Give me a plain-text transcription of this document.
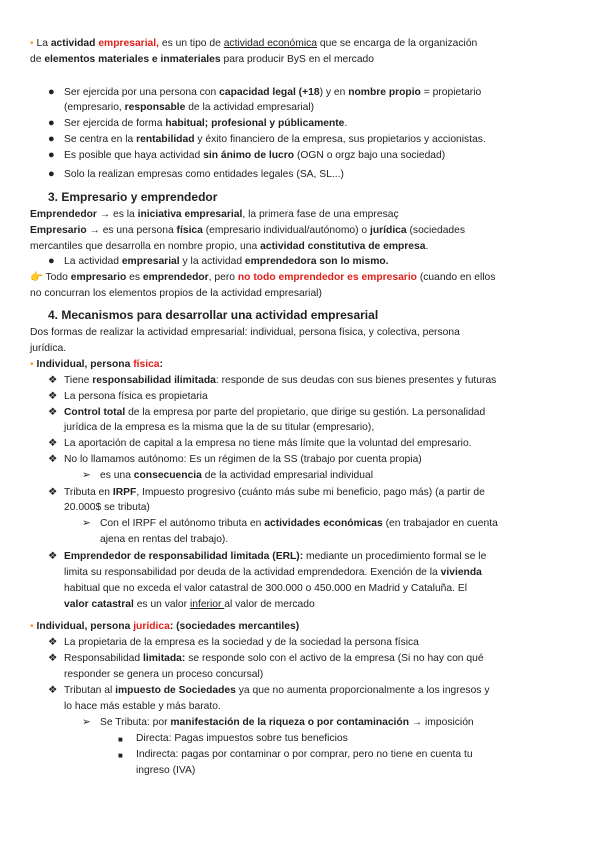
• La actividad empresarial, es un tipo de actividad económica que se encarga de la organización
de elementos materiales e inmateriales para producir ByS en el mercado
● Ser ejercida por una persona con capacidad legal (+18) y en nombre propio = propietario
(empresario, responsable de la actividad empresarial)
● Ser ejercida de forma habitual; profesional y públicamente.
● Se centra en la rentabilidad y éxito financiero de la empresa, sus propietarios y accionistas.
● Es posible que haya actividad sin ánimo de lucro (OGN o orgz bajo una sociedad)
● Solo la realizan empresas como entidades legales (SA, SL...)
3. Empresario y emprendedor
Emprendedor → es la iniciativa empresarial, la primera fase de una empresaç
Empresario → es una persona física (empresario individual/autónomo) o jurídica (sociedades
mercantiles que desarrolla en nombre propio, una actividad constitutiva de empresa.
● La actividad empresarial y la actividad emprendedora son lo mismo.
👉 Todo empresario es emprendedor, pero no todo emprendedor es empresario (cuando en ellos
no concurran los elementos propios de la actividad empresarial)
4. Mecanismos para desarrollar una actividad empresarial
Dos formas de realizar la actividad empresarial: individual, persona física, y colectiva, persona
jurídica.
• Individual, persona física:
❖ Tiene responsabilidad ilimitada: responde de sus deudas con sus bienes presentes y futuras
❖ La persona física es propietaria
❖ Control total de la empresa por parte del propietario, que dirige su gestión. La personalidad
jurídica de la empresa es la misma que la de su titular (empresario),
❖ La aportación de capital a la empresa no tiene más límite que la voluntad del empresario.
❖ No lo llamamos autónomo: Es un régimen de la SS (trabajo por cuenta propia)
➢ es una consecuencia de la actividad empresarial individual
❖ Tributa en IRPF, Impuesto progresivo (cuánto más sube mi beneficio, pago más) (a partir de
20.000$ se tributa)
➢ Con el IRPF el autónomo tributa en actividades económicas (en trabajador en cuenta
ajena en rentas del trabajo).
❖ Emprendedor de responsabilidad limitada (ERL): mediante un procedimiento formal se le
limita su responsabilidad por deuda de la actividad emprendedora. Exención de la vivienda
habitual que no exceda el valor catastral de 300.000 o 450.000 en Madrid y Cataluña. El
valor catastral es un valor inferior al valor de mercado
• Individual, persona jurídica: (sociedades mercantiles)
❖ La propietaria de la empresa es la sociedad y de la sociedad la persona física
❖ Responsabilidad limitada: se responde solo con el activo de la empresa (Si no hay con qué
responder se genera un proceso concursal)
❖ Tributan al impuesto de Sociedades ya que no aumenta proporcionalmente a los ingresos y
lo hace más estable y más barato.
➢ Se Tributa: por manifestación de la riqueza o por contaminación → imposición
■ Directa: Pagas impuestos sobre tus beneficios
■ Indirecta: pagas por contaminar o por comprar, pero no tiene en cuenta tu
ingreso (IVA)
